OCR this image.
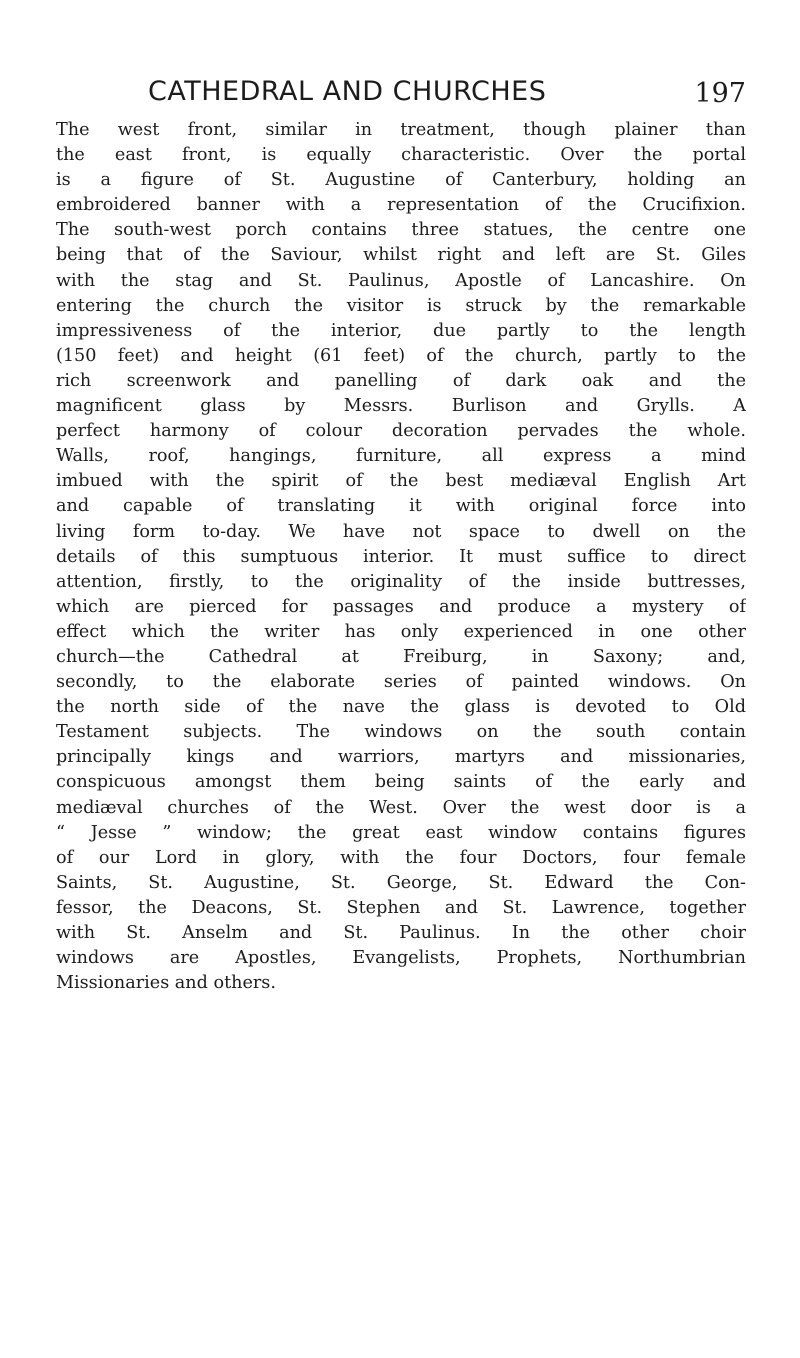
CATHEDRAL AND CHURCHES	197
The west front, similar in treatment, though plainer than
the east front, is equally characteristic. Over the portal
is a figure of St. Augustine of Canterbury, holding an
embroidered banner with a representation of the Crucifixion.
The south-west porch contains three statues, the centre one
being that of the Saviour, whilst right and left are St. Giles
with the stag and St. Paulinus, Apostle of Lancashire. On
entering the church the visitor is struck by the remarkable
impressiveness of the interior, due partly to the length
(150 feet) and height (61 feet) of the church, partly to the
rich screenwork and panelling of dark oak and the
magnificent glass by Messrs. Burlison and Grylls. A
perfect harmony of colour decoration pervades the whole.
Walls, roof, hangings, furniture, all express a mind
imbued with the spirit of the best mediæval English Art
and capable of translating it with original force into
living form to-day. We have not space to dwell on the
details of this sumptuous interior. It must suffice to direct
attention, firstly, to the originality of the inside buttresses,
which are pierced for passages and produce a mystery of
effect which the writer has only experienced in one other
church—the Cathedral at Freiburg, in Saxony; and,
secondly, to the elaborate series of painted windows. On
the north side of the nave the glass is devoted to Old
Testament subjects. The windows on the south contain
principally kings and warriors, martyrs and missionaries,
conspicuous amongst them being saints of the early and
mediæval churches of the West. Over the west door is a
“ Jesse ” window; the great east window contains figures
of our Lord in glory, with the four Doctors, four female
Saints, St. Augustine, St. George, St. Edward the Con-
fessor, the Deacons, St. Stephen and St. Lawrence, together
with St. Anselm and St. Paulinus. In the other choir
windows are Apostles, Evangelists, Prophets, Northumbrian
Missionaries and others.
